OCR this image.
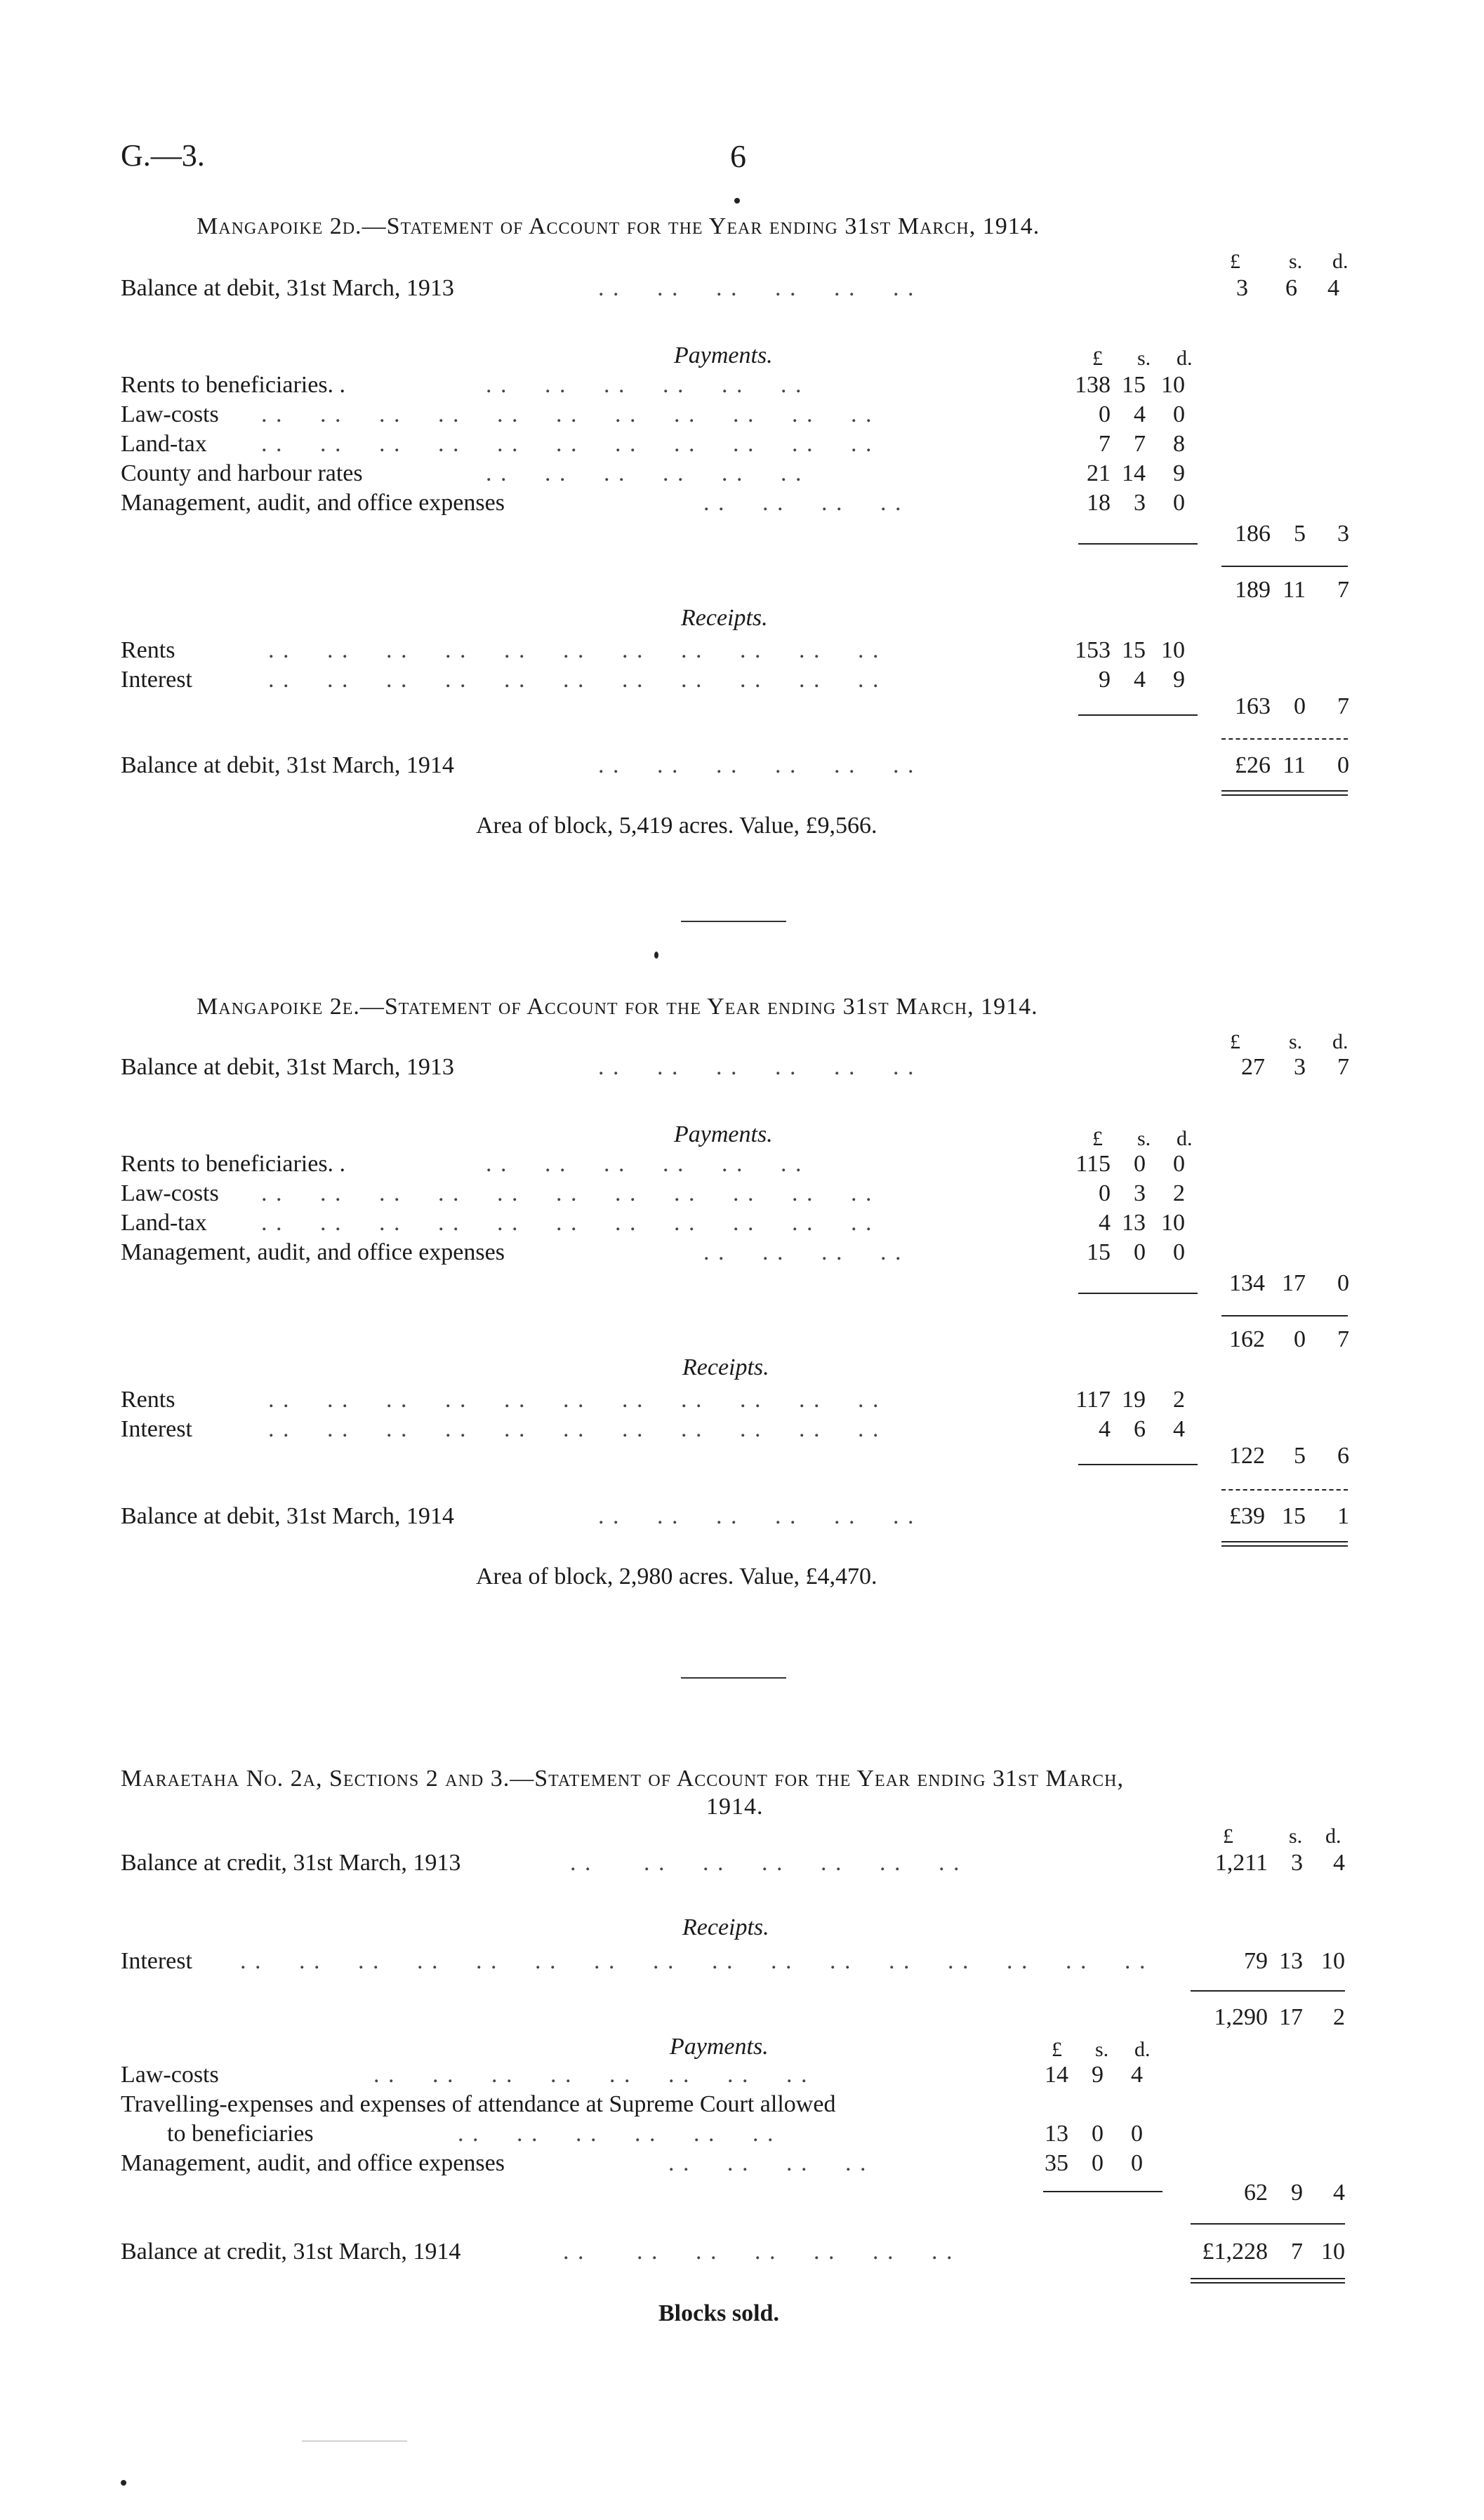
G.—3.	6
Mangapoike 2d.—Statement of Account for the Year ending 31st March, 1914.
£ s. d.
Balance at debit, 31st March, 1913	. .     . .     . .     . .     . .     . .	3	6	4
Payments.	£ s. d.
Rents to beneficiaries. .	. .     . .     . .     . .     . .     . .	138 15 10
Law-costs . .     . .     . .     . .     . .     . .     . .     . .     . .     . .     . .	0 4	0
Land-tax . .     . .     . .     . .     . .     . .     . .     . .     . .     . .     . .	7 7	8
County and harbour rates	. .     . .     . .     . .     . .     . .	21 14	9
Management, audit, and office expenses	. .     . .     . .     . .	18 3	0
186 5	3
189 11	7
Receipts.
Rents	. .     . .     . .     . .     . .     . .     . .     . .     . .     . .     . .	153 15 10
Interest	. .     . .     . .     . .     . .     . .     . .     . .     . .     . .     . .	9 4	9
163 0	7
Balance at debit, 31st March, 1914	. .     . .     . .     . .     . .     . .	£26 11	0
Area of block, 5,419 acres. Value, £9,566.
Mangapoike 2e.—Statement of Account for the Year ending 31st March, 1914.
£ s. d.
Balance at debit, 31st March, 1913	. .     . .     . .     . .     . .     . .	27	3	7
Payments.	£ s. d.
Rents to beneficiaries. .	. .     . .     . .     . .     . .     . .	115 0	0
Law-costs . .     . .     . .     . .     . .     . .     . .     . .     . .     . .     . .	0 3	2
Land-tax . .     . .     . .     . .     . .     . .     . .     . .     . .     . .     . .	4 13 10
Management, audit, and office expenses	. .     . .     . .     . .	15 0	0
134 17	0
162	0	7
Receipts.
Rents	. .     . .     . .     . .     . .     . .     . .     . .     . .     . .     . .	117 19	2
Interest	. .     . .     . .     . .     . .     . .     . .     . .     . .     . .     . .	4 6	4
122	5	6
Balance at debit, 31st March, 1914	. .     . .     . .     . .     . .     . .	£39 15	1
Area of block, 2,980 acres. Value, £4,470.
Maraetaha No. 2a, Sections 2 and 3.—Statement of Account for the Year ending 31st March,
1914.
£	s. d.
Balance at credit, 31st March, 1913	. .       . .     . .     . .     . .     . .     . .	1,211 3	4
Receipts.
Interest . .     . .     . .     . .     . .     . .     . .     . .     . .     . .     . .     . .     . .     . .     . .     . .	79 13 10
1,290 17	2
Payments.	£ s. d.
Law-costs	. .     . .     . .     . .     . .     . .     . .     . .	14 9	4
Travelling-expenses and expenses of attendance at Supreme Court allowed
to beneficiaries	. .     . .     . .     . .     . .     . .	13 0	0
Management, audit, and office expenses	. .     . .     . .     . .	35 0	0
62 9	4
Balance at credit, 31st March, 1914	. .       . .     . .     . .     . .     . .     . .	£1,228 7 10
Blocks sold.
